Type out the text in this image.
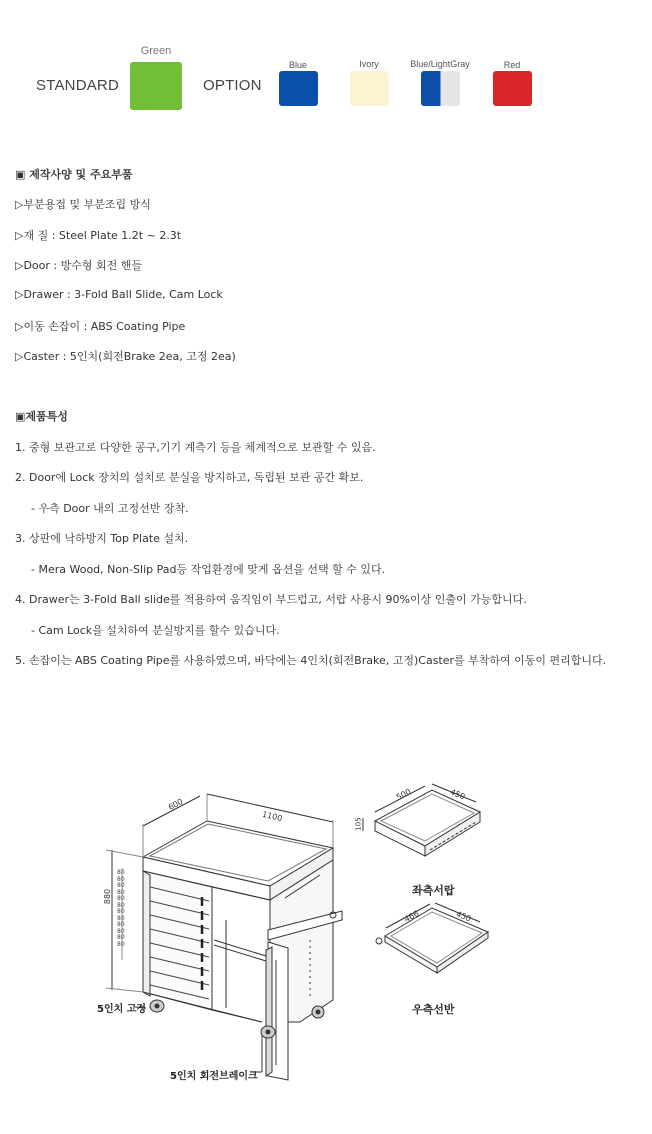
STANDARD
Green
OPTION
Blue	Ivory	Blue/LightGray	Red
▣ 제작사양 및 주요부품
▷부분용접 및 부분조립 방식
▷재 질 : Steel Plate 1.2t ~ 2.3t
▷Door : 방수형 회전 핸들
▷Drawer : 3-Fold Ball Slide, Cam Lock
▷이동 손잡이 : ABS Coating Pipe
▷Caster : 5인치(회전Brake 2ea, 고정 2ea)
▣제품특성
1. 중형 보관고로 다양한 공구,기기 계측기 등을 체계적으로 보관할 수 있음.
2. Door에 Lock 장치의 설치로 분실을 방지하고, 독립된 보관 공간 확보.
- 우측 Door 내의 고정선반 장착.
3. 상판에 낙하방지 Top Plate 설치.
- Mera Wood, Non-Slip Pad등 작업환경에 맞게 옵션을 선택 할 수 있다.
4. Drawer는 3-Fold Ball slide를 적용하여 움직임이 부드럽고, 서랍 사용시 90%이상 인출이 가능합니다.
- Cam Lock을 설치하여 분실방지를 할수 있습니다.
5. 손잡이는 ABS Coating Pipe를 사용하였으며, 바닥에는 4인치(회전Brake, 고정)Caster를 부착하여 이동이 편리합니다.
5인치 고정
5인치 회전브레이크
좌측서랍
우측선반
1100
600
880
500	450
105
466	450
80
80
80
80
80
80
80
80
80
80
80
80
